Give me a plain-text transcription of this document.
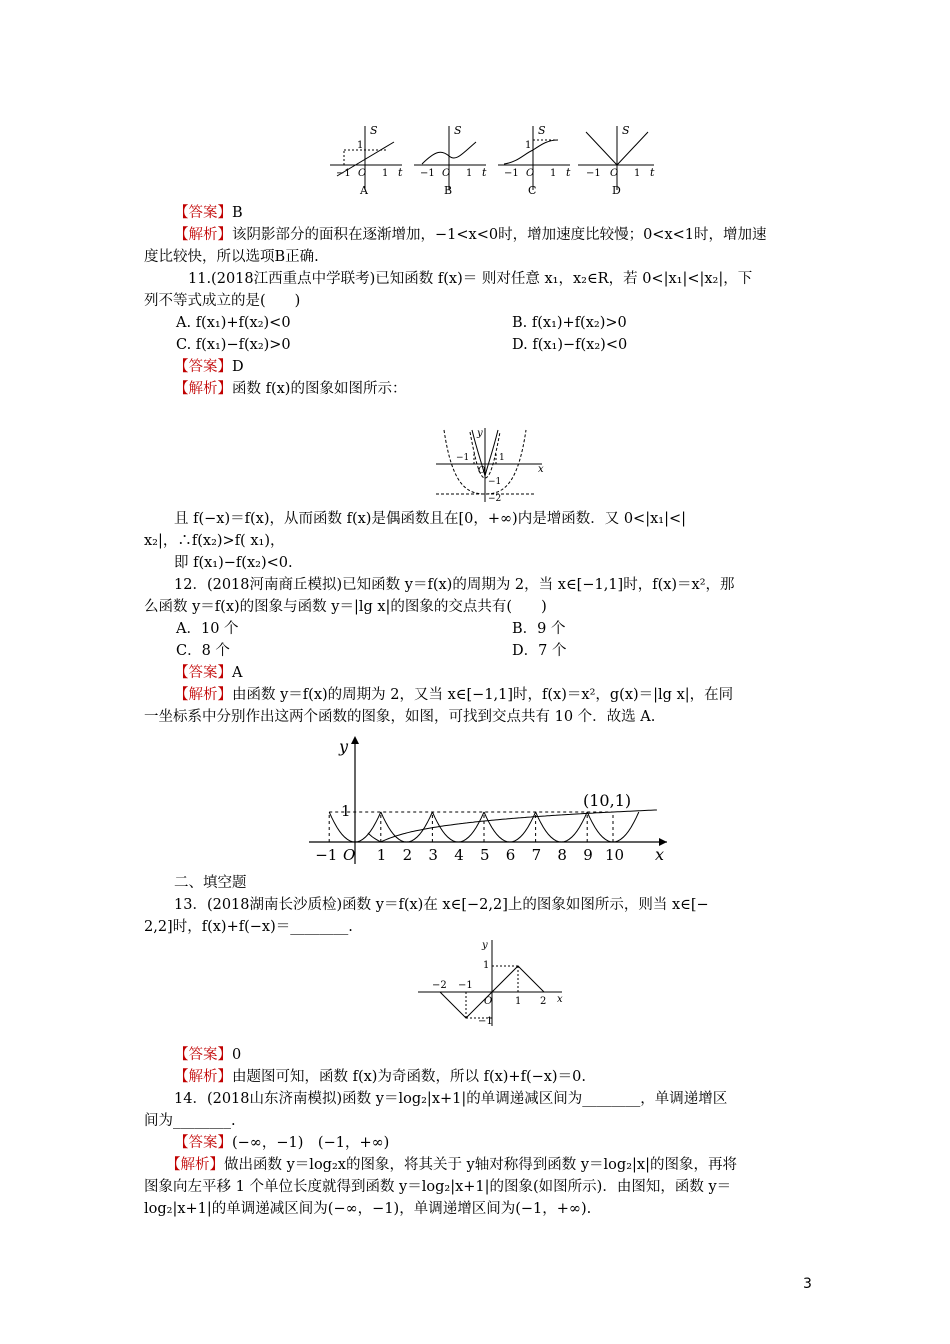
S
t
−1 O 1
1
A
S
t
−1 O 1
B
S
t
−1 O 1
1
C
S
t
−1 O 1
D
【答案】B
【解析】该阴影部分的面积在逐渐增加，−1<x<0时，增加速度比较慢；0<x<1时，增加速
度比较快，所以选项B正确.
11.(2018江西重点中学联考)已知函数 f(x)＝ 则对任意 x₁，x₂∈R，若 0<|x₁|<|x₂|，下
列不等式成立的是(　　)
A. f(x₁)+f(x₂)<0	B. f(x₁)+f(x₂)>0
C. f(x₁)−f(x₂)>0	D. f(x₁)−f(x₂)<0
【答案】D
【解析】函数 f(x)的图象如图所示：
y
x
−1
O
1
−1
−2
且 f(−x)＝f(x)，从而函数 f(x)是偶函数且在[0，+∞)内是增函数．又 0<|x₁|<|
x₂|，∴f(x₂)>f( x₁)，
即 f(x₁)−f(x₂)<0.
12．(2018河南商丘模拟)已知函数 y＝f(x)的周期为 2，当 x∈[−1,1]时，f(x)＝x²，那
么函数 y＝f(x)的图象与函数 y＝|lg x|的图象的交点共有(　　)
A．10 个	B．9 个
C．8 个	D．7 个
【答案】A
【解析】由函数 y＝f(x)的周期为 2，又当 x∈[−1,1]时，f(x)＝x²，g(x)＝|lg x|，在同
一坐标系中分别作出这两个函数的图象，如图，可找到交点共有 10 个．故选 A.
y
x
1
(10,1)
O
−1	1 2 3 4 5 6 7 8 9 10
二、填空题
13．(2018湖南长沙质检)函数 y＝f(x)在 x∈[−2,2]上的图象如图所示，则当 x∈[−
2,2]时，f(x)+f(−x)＝________.
y
x
−2 −1
O 1 2
1
−1
【答案】0
【解析】由题图可知，函数 f(x)为奇函数，所以 f(x)+f(−x)＝0.
14．(2018山东济南模拟)函数 y＝log₂|x+1|的单调递减区间为________，单调递增区
间为________.
【答案】(−∞，−1)　(−1，+∞)
【解析】做出函数 y＝log₂x的图象，将其关于 y轴对称得到函数 y＝log₂|x|的图象，再将
图象向左平移 1 个单位长度就得到函数 y＝log₂|x+1|的图象(如图所示)．由图知，函数 y＝
log₂|x+1|的单调递减区间为(−∞，−1)，单调递增区间为(−1，+∞).
3
